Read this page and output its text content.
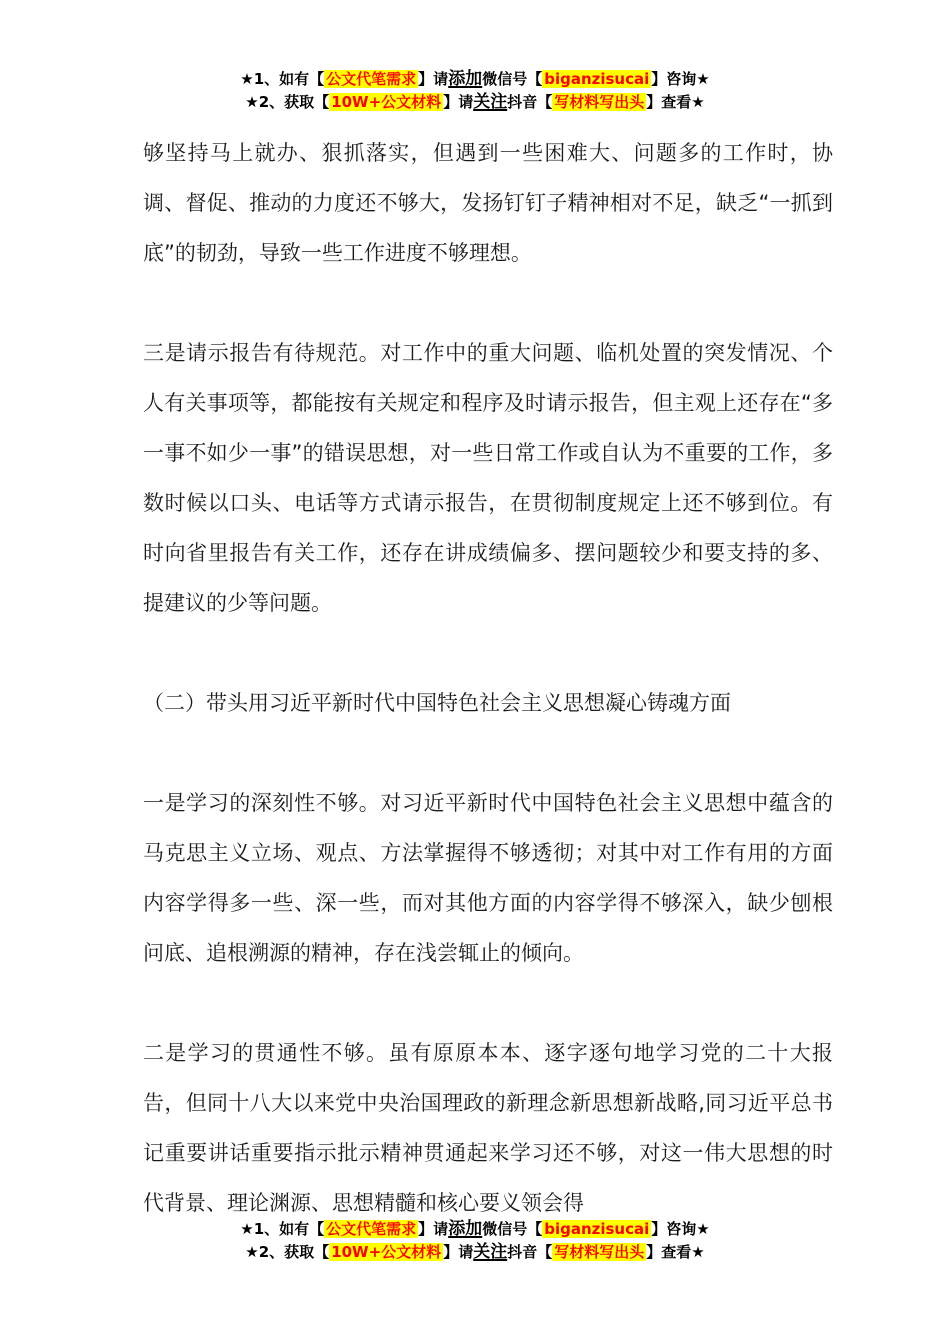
★1、如有【 公文代笔需求 】请添加微信号【 biganzisucai 】咨询★
★2、获取【 10W+公文材料 】请关注抖音【 写材料写出头 】查看★

够坚持马上就办、狠抓落实，但遇到一些困难大、问题多的工作时，协调、督促、推动的力度还不够大，发扬钉钉子精神相对不足，缺乏“一抓到底”的韧劲，导致一些工作进度不够理想。

三是请示报告有待规范。对工作中的重大问题、临机处置的突发情况、个人有关事项等，都能按有关规定和程序及时请示报告，但主观上还存在“多一事不如少一事”的错误思想，对一些日常工作或自认为不重要的工作，多数时候以口头、电话等方式请示报告，在贯彻制度规定上还不够到位。有时向省里报告有关工作，还存在讲成绩偏多、摆问题较少和要支持的多、提建议的少等问题。

（二）带头用习近平新时代中国特色社会主义思想凝心铸魂方面

一是学习的深刻性不够。对习近平新时代中国特色社会主义思想中蕴含的马克思主义立场、观点、方法掌握得不够透彻；对其中对工作有用的方面内容学得多一些、深一些，而对其他方面的内容学得不够深入，缺少刨根问底、追根溯源的精神，存在浅尝辄止的倾向。

二是学习的贯通性不够。虽有原原本本、逐字逐句地学习党的二十大报告，但同十八大以来党中央治国理政的新理念新思想新战略,同习近平总书记重要讲话重要指示批示精神贯通起来学习还不够，对这一伟大思想的时代背景、理论渊源、思想精髓和核心要义领会得

★1、如有【 公文代笔需求 】请添加微信号【 biganzisucai 】咨询★
★2、获取【 10W+公文材料 】请关注抖音【 写材料写出头 】查看★
